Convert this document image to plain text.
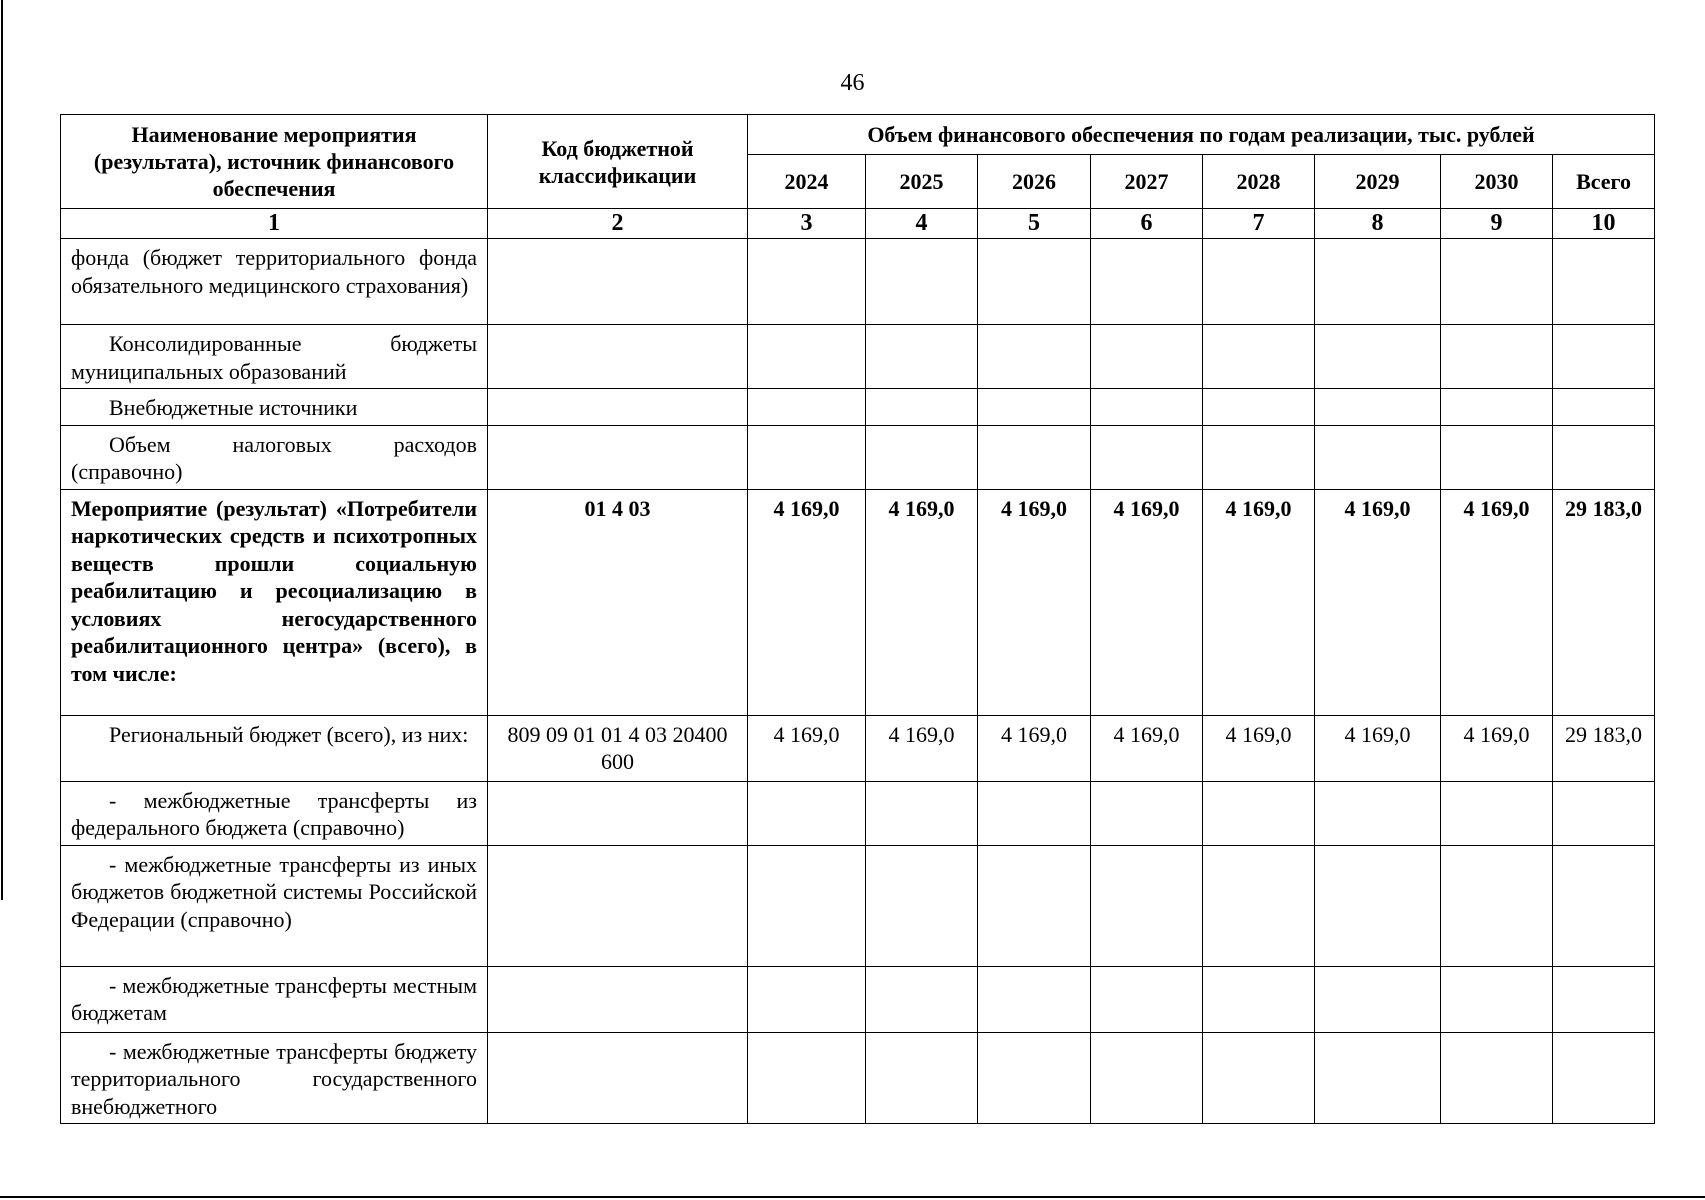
46
Наименование мероприятия (результата), источник финансового обеспечения	Код бюджетной классификации	Объем финансового обеспечения по годам реализации, тыс. рублей							
		2024	2025	2026	2027	2028	2029	2030	Всего
1	2	3	4	5	6	7	8	9	10
фонда (бюджет территориального фонда обязательного медицинского страхования)									
Консолидированные бюджеты муниципальных образований									
Внебюджетные источники									
Объем налоговых расходов (справочно)									
Мероприятие (результат) «Потребители наркотических средств и психотропных веществ прошли социальную реабилитацию и ресоциализацию в условиях негосударственного реабилитационного центра» (всего), в том числе:	01 4 03	4 169,0	4 169,0	4 169,0	4 169,0	4 169,0	4 169,0	4 169,0	29 183,0
Региональный бюджет (всего), из них:	809 09 01 01 4 03 20400 600	4 169,0	4 169,0	4 169,0	4 169,0	4 169,0	4 169,0	4 169,0	29 183,0
- межбюджетные трансферты из федерального бюджета (справочно)									
- межбюджетные трансферты из иных бюджетов бюджетной системы Российской Федерации (справочно)									
- межбюджетные трансферты местным бюджетам									
- межбюджетные трансферты бюджету территориального государственного внебюджетного									
